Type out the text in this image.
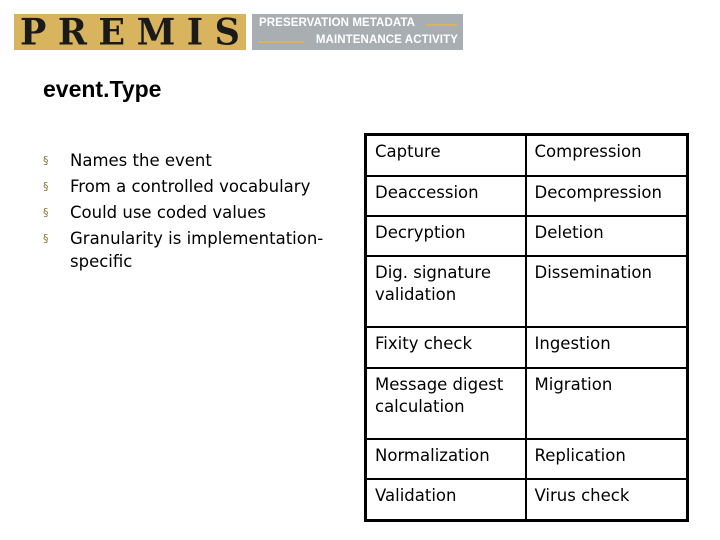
P R E M I S PRESERVATION METADATA
MAINTENANCE ACTIVITY
event.Type
§ Names the event
§ From a controlled vocabulary
§ Could use coded values
§ Granularity is implementation-specific
Capture	Compression
Deaccession	Decompression
Decryption	Deletion
Dig. signature validation	Dissemination
Fixity check	Ingestion
Message digest calculation	Migration
Normalization	Replication
Validation	Virus check
